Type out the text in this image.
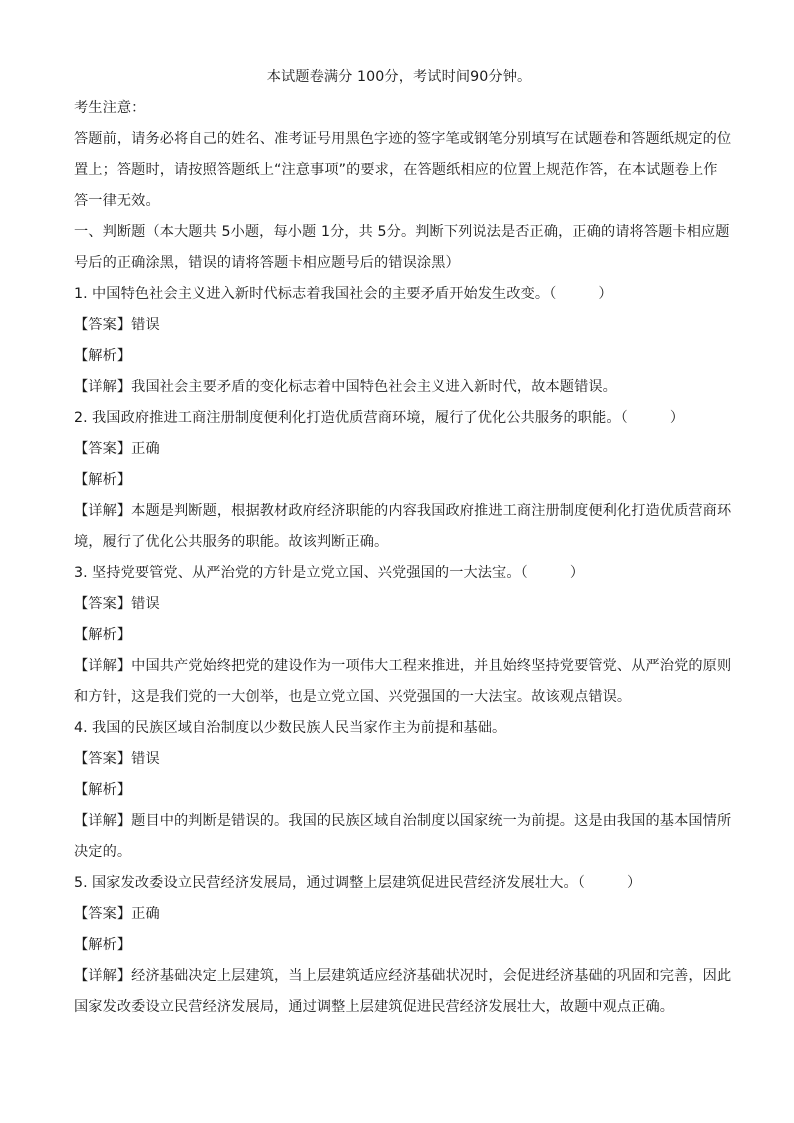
本试题卷满分 100分，考试时间90分钟。
考生注意：
答题前，请务必将自己的姓名、准考证号用黑色字迹的签字笔或钢笔分别填写在试题卷和答题纸规定的位
置上；答题时，请按照答题纸上“注意事项”的要求，在答题纸相应的位置上规范作答，在本试题卷上作
答一律无效。
一、判断题（本大题共 5小题，每小题 1分，共 5分。判断下列说法是否正确，正确的请将答题卡相应题
号后的正确涂黑，错误的请将答题卡相应题号后的错误涂黑）
1. 中国特色社会主义进入新时代标志着我国社会的主要矛盾开始发生改变。（	）
【答案】错误
【解析】
【详解】我国社会主要矛盾的变化标志着中国特色社会主义进入新时代，故本题错误。
2. 我国政府推进工商注册制度便利化打造优质营商环境，履行了优化公共服务的职能。（	）
【答案】正确
【解析】
【详解】本题是判断题，根据教材政府经济职能的内容我国政府推进工商注册制度便利化打造优质营商环
境，履行了优化公共服务的职能。故该判断正确。
3. 坚持党要管党、从严治党的方针是立党立国、兴党强国的一大法宝。（	）
【答案】错误
【解析】
【详解】中国共产党始终把党的建设作为一项伟大工程来推进，并且始终坚持党要管党、从严治党的原则
和方针，这是我们党的一大创举，也是立党立国、兴党强国的一大法宝。故该观点错误。
4. 我国的民族区域自治制度以少数民族人民当家作主为前提和基础。
【答案】错误
【解析】
【详解】题目中的判断是错误的。我国的民族区域自治制度以国家统一为前提。这是由我国的基本国情所
决定的。
5. 国家发改委设立民营经济发展局，通过调整上层建筑促进民营经济发展壮大。（	）
【答案】正确
【解析】
【详解】经济基础决定上层建筑，当上层建筑适应经济基础状况时，会促进经济基础的巩固和完善，因此
国家发改委设立民营经济发展局，通过调整上层建筑促进民营经济发展壮大，故题中观点正确。
